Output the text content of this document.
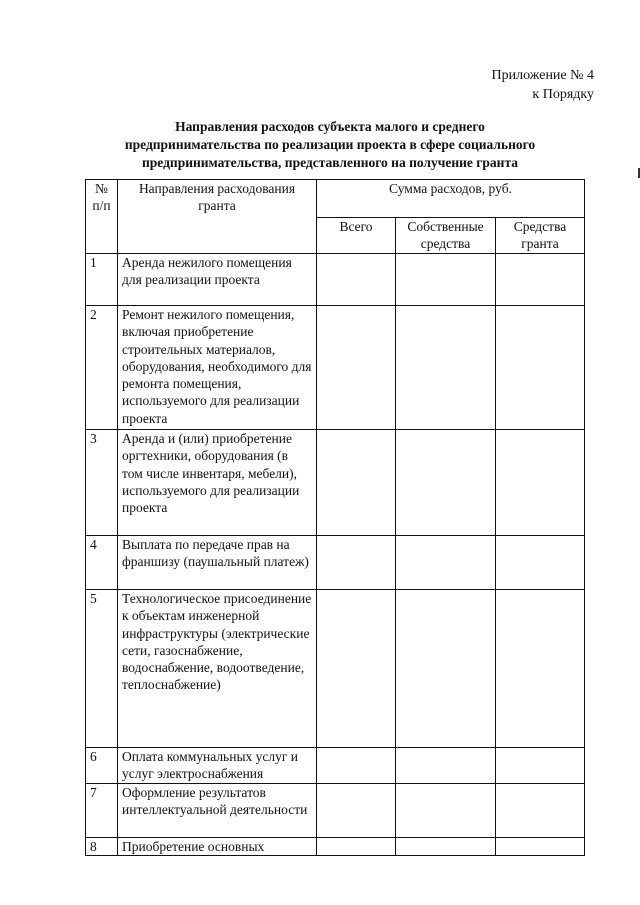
Приложение № 4
к Порядку
Направления расходов субъекта малого и среднего
предпринимательства по реализации проекта в сфере социального
предпринимательства, представленного на получение гранта
№ п/п	Направления расходования гранта	Сумма расходов, руб.		
		Всего	Собственные средства	Средства гранта
1	Аренда нежилого помещения для реализации проекта			
2	Ремонт нежилого помещения, включая приобретение строительных материалов, оборудования, необходимого для ремонта помещения, используемого для реализации проекта			
3	Аренда и (или) приобретение оргтехники, оборудования (в том числе инвентаря, мебели), используемого для реализации проекта			
4	Выплата по передаче прав на франшизу (паушальный платеж)			
5	Технологическое присоединение к объектам инженерной инфраструктуры (электрические сети, газоснабжение, водоснабжение, водоотведение, теплоснабжение)			
6	Оплата коммунальных услуг и услуг электроснабжения			
7	Оформление результатов интеллектуальной деятельности			
8	Приобретение основных			
